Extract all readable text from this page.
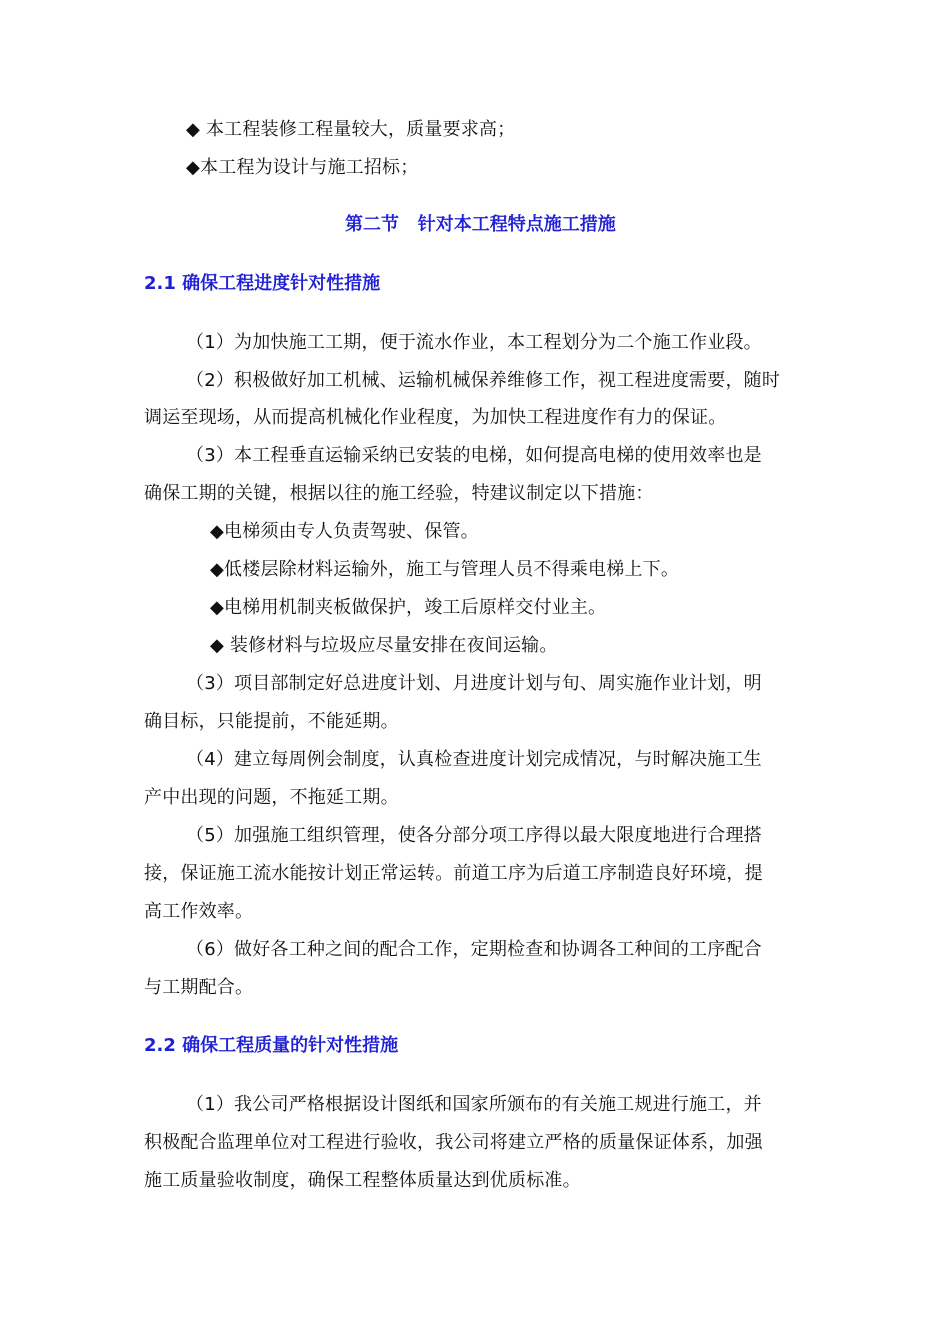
◆ 本工程装修工程量较大，质量要求高；
◆本工程为设计与施工招标；
第二节   针对本工程特点施工措施
2.1 确保工程进度针对性措施
（1）为加快施工工期，便于流水作业，本工程划分为二个施工作业段。
（2）积极做好加工机械、运输机械保养维修工作，视工程进度需要，随时
调运至现场，从而提高机械化作业程度，为加快工程进度作有力的保证。
（3）本工程垂直运输采纳已安装的电梯，如何提高电梯的使用效率也是
确保工期的关键，根据以往的施工经验，特建议制定以下措施：
◆电梯须由专人负责驾驶、保管。
◆低楼层除材料运输外，施工与管理人员不得乘电梯上下。
◆电梯用机制夹板做保护，竣工后原样交付业主。
◆ 装修材料与垃圾应尽量安排在夜间运输。
（3）项目部制定好总进度计划、月进度计划与旬、周实施作业计划，明
确目标，只能提前，不能延期。
（4）建立每周例会制度，认真检查进度计划完成情况，与时解决施工生
产中出现的问题，不拖延工期。
（5）加强施工组织管理，使各分部分项工序得以最大限度地进行合理搭
接，保证施工流水能按计划正常运转。前道工序为后道工序制造良好环境，提
高工作效率。
（6）做好各工种之间的配合工作，定期检查和协调各工种间的工序配合
与工期配合。
2.2 确保工程质量的针对性措施
（1）我公司严格根据设计图纸和国家所颁布的有关施工规进行施工，并
积极配合监理单位对工程进行验收，我公司将建立严格的质量保证体系，加强
施工质量验收制度，确保工程整体质量达到优质标准。
